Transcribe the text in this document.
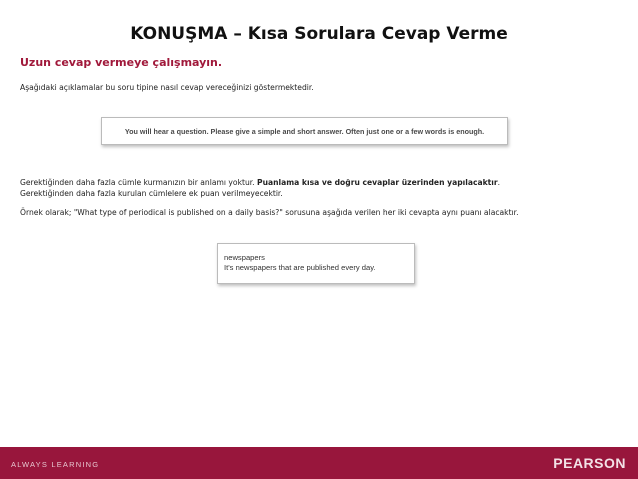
KONUŞMA – Kısa Sorulara Cevap Verme
Uzun cevap vermeye çalışmayın.
Aşağıdaki açıklamalar bu soru tipine nasıl cevap vereceğinizi göstermektedir.
You will hear a question. Please give a simple and short answer. Often just one or a few words is enough.
Gerektiğinden daha fazla cümle kurmanızın bir anlamı yoktur. Puanlama kısa ve doğru cevaplar üzerinden yapılacaktır.
Gerektiğinden daha fazla kurulan cümlelere ek puan verilmeyecektir.
Örnek olarak; "What type of periodical is published on a daily basis?" sorusuna aşağıda verilen her iki cevapta aynı puanı alacaktır.
newspapers
It's newspapers that are published every day.
ALWAYS LEARNING	PEARSON
